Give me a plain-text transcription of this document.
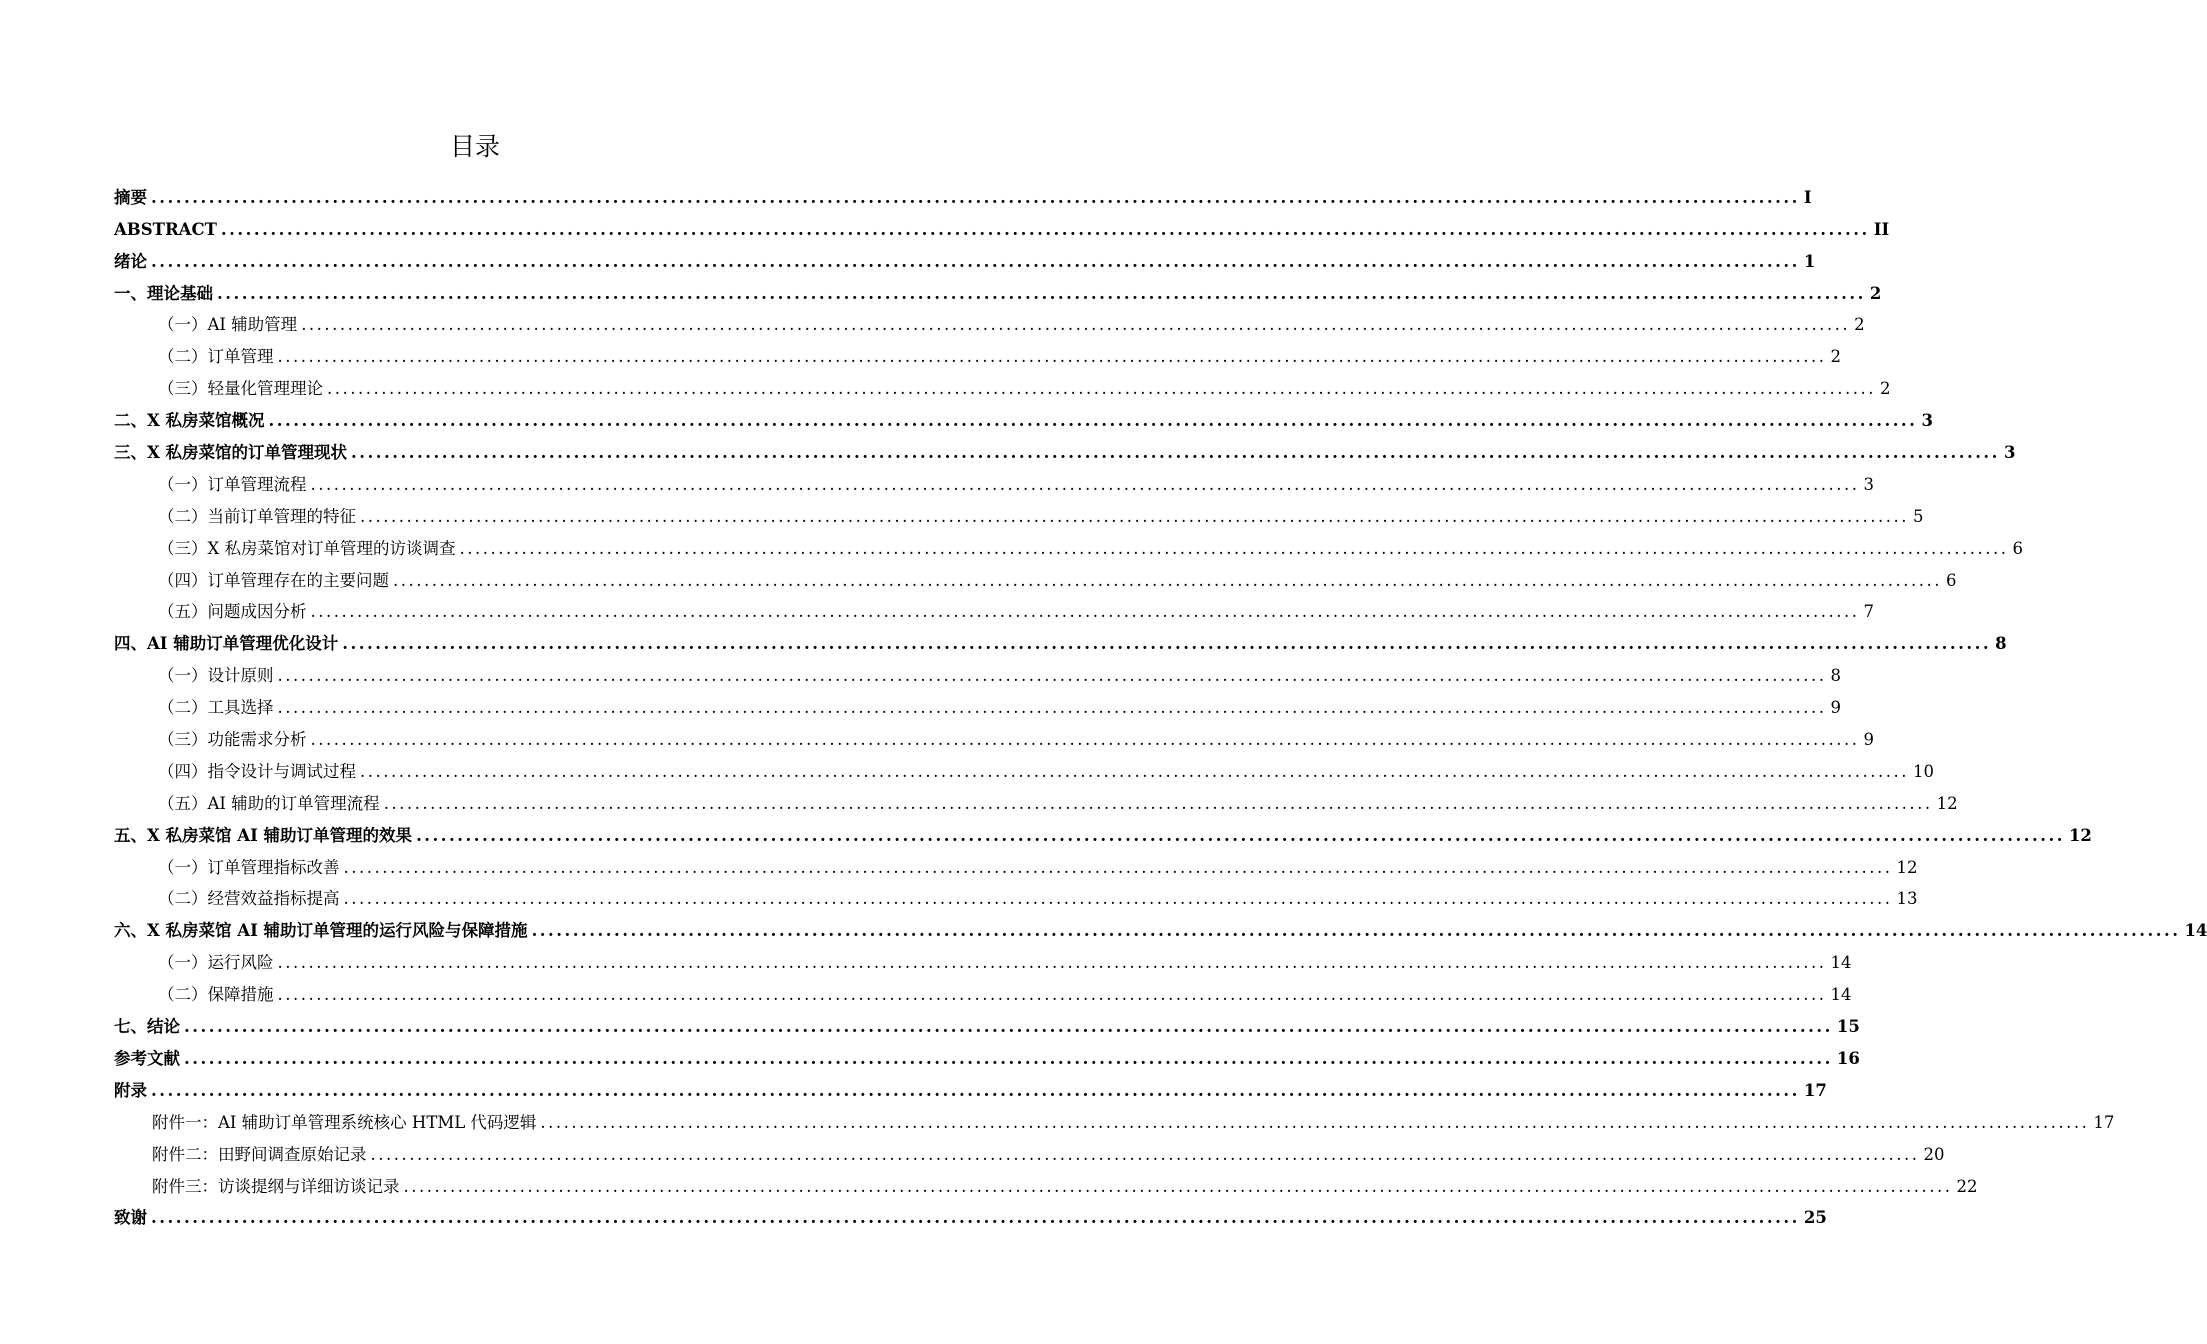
目录
摘要 ........................................................................................................................................................................................................ I
ABSTRACT ........................................................................................................................................................................................................ II
绪论 ........................................................................................................................................................................................................ 1
一、理论基础 ........................................................................................................................................................................................................ 2
（一）AI 辅助管理 ........................................................................................................................................................................................................ 2
（二）订单管理 ........................................................................................................................................................................................................ 2
（三）轻量化管理理论 ........................................................................................................................................................................................................ 2
二、X 私房菜馆概况 ........................................................................................................................................................................................................ 3
三、X 私房菜馆的订单管理现状 ........................................................................................................................................................................................................ 3
（一）订单管理流程 ........................................................................................................................................................................................................ 3
（二）当前订单管理的特征 ........................................................................................................................................................................................................ 5
（三）X 私房菜馆对订单管理的访谈调查 ........................................................................................................................................................................................................ 6
（四）订单管理存在的主要问题 ........................................................................................................................................................................................................ 6
（五）问题成因分析 ........................................................................................................................................................................................................ 7
四、AI 辅助订单管理优化设计 ........................................................................................................................................................................................................ 8
（一）设计原则 ........................................................................................................................................................................................................ 8
（二）工具选择 ........................................................................................................................................................................................................ 9
（三）功能需求分析 ........................................................................................................................................................................................................ 9
（四）指令设计与调试过程 ........................................................................................................................................................................................................ 10
（五）AI 辅助的订单管理流程 ........................................................................................................................................................................................................ 12
五、X 私房菜馆 AI 辅助订单管理的效果 ........................................................................................................................................................................................................ 12
（一）订单管理指标改善 ........................................................................................................................................................................................................ 12
（二）经营效益指标提高 ........................................................................................................................................................................................................ 13
六、X 私房菜馆 AI 辅助订单管理的运行风险与保障措施 ........................................................................................................................................................................................................ 14
（一）运行风险 ........................................................................................................................................................................................................ 14
（二）保障措施 ........................................................................................................................................................................................................ 14
七、结论 ........................................................................................................................................................................................................ 15
参考文献 ........................................................................................................................................................................................................ 16
附录 ........................................................................................................................................................................................................ 17
附件一：AI 辅助订单管理系统核心 HTML 代码逻辑 ........................................................................................................................................................................................................ 17
附件二：田野间调查原始记录 ........................................................................................................................................................................................................ 20
附件三：访谈提纲与详细访谈记录 ........................................................................................................................................................................................................ 22
致谢 ........................................................................................................................................................................................................ 25
